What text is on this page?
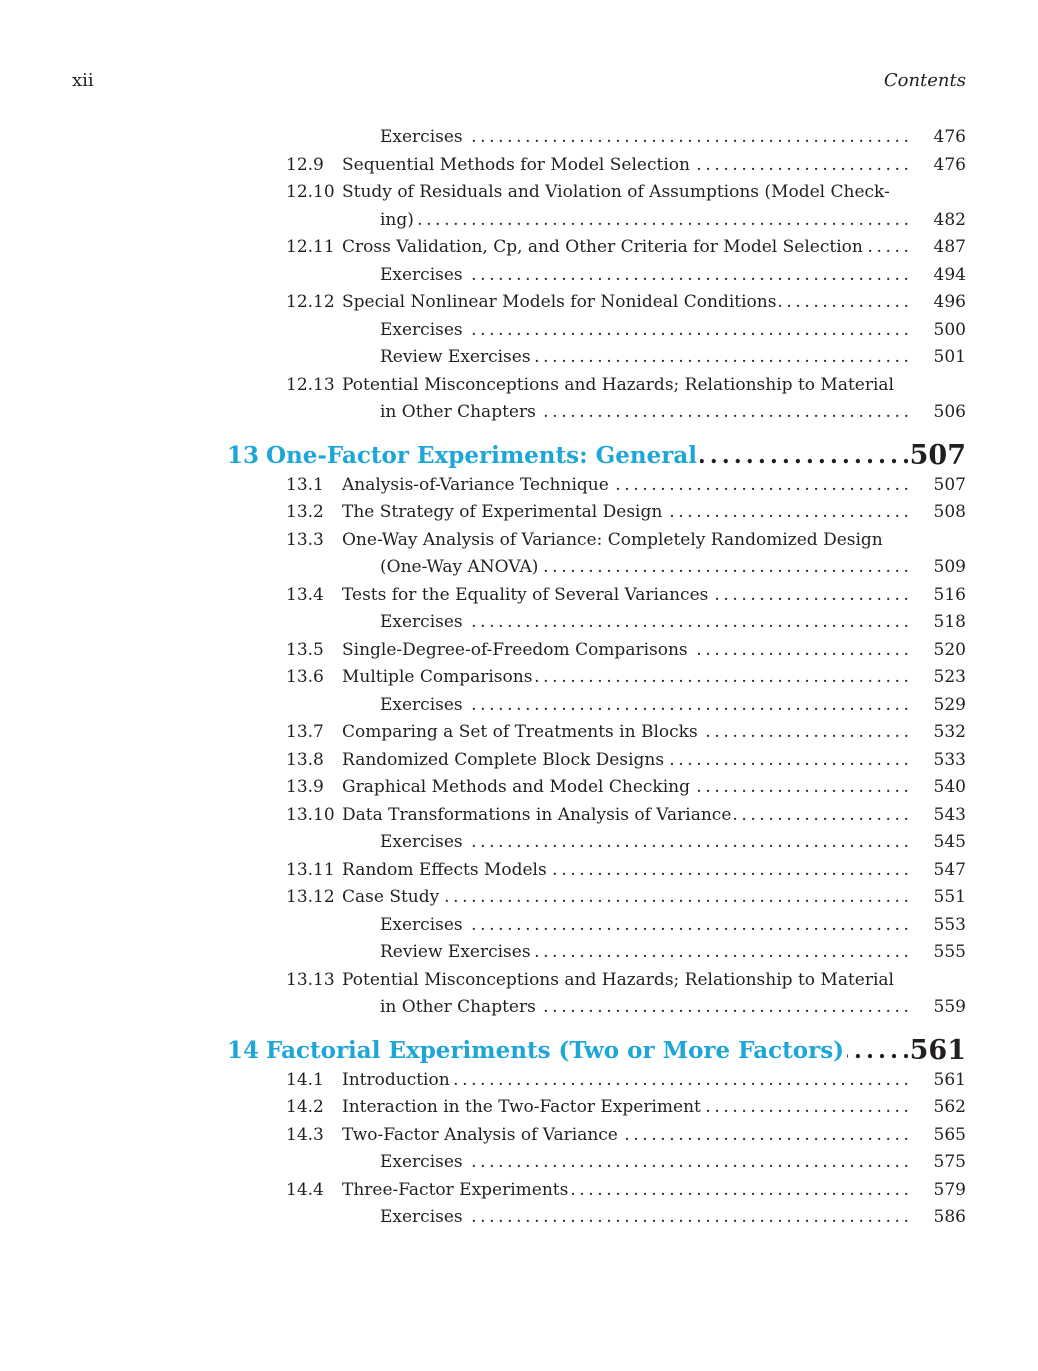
xii	Contents
Exercises . . .	476
12.9 Sequential Methods for Model Selection . . .	476
12.10 Study of Residuals and Violation of Assumptions (Model Check-
ing) . . .	482
12.11 Cross Validation, Cp, and Other Criteria for Model Selection . . .	487
Exercises . . .	494
12.12 Special Nonlinear Models for Nonideal Conditions . . .	496
Exercises . . .	500
Review Exercises . . .	501
12.13 Potential Misconceptions and Hazards; Relationship to Material
in Other Chapters . . .	506
13 One-Factor Experiments: General . . .	507
13.1 Analysis-of-Variance Technique . . .	507
13.2 The Strategy of Experimental Design . . .	508
13.3 One-Way Analysis of Variance: Completely Randomized Design
(One-Way ANOVA) . . .	509
13.4 Tests for the Equality of Several Variances . . .	516
Exercises . . .	518
13.5 Single-Degree-of-Freedom Comparisons . . .	520
13.6 Multiple Comparisons . . .	523
Exercises . . .	529
13.7 Comparing a Set of Treatments in Blocks . . .	532
13.8 Randomized Complete Block Designs . . .	533
13.9 Graphical Methods and Model Checking . . .	540
13.10 Data Transformations in Analysis of Variance . . .	543
Exercises . . .	545
13.11 Random Effects Models . . .	547
13.12 Case Study . . .	551
Exercises . . .	553
Review Exercises . . .	555
13.13 Potential Misconceptions and Hazards; Relationship to Material
in Other Chapters . . .	559
14 Factorial Experiments (Two or More Factors) . . .	561
14.1 Introduction . . .	561
14.2 Interaction in the Two-Factor Experiment . . .	562
14.3 Two-Factor Analysis of Variance . . .	565
Exercises . . .	575
14.4 Three-Factor Experiments . . .	579
Exercises . . .	586
